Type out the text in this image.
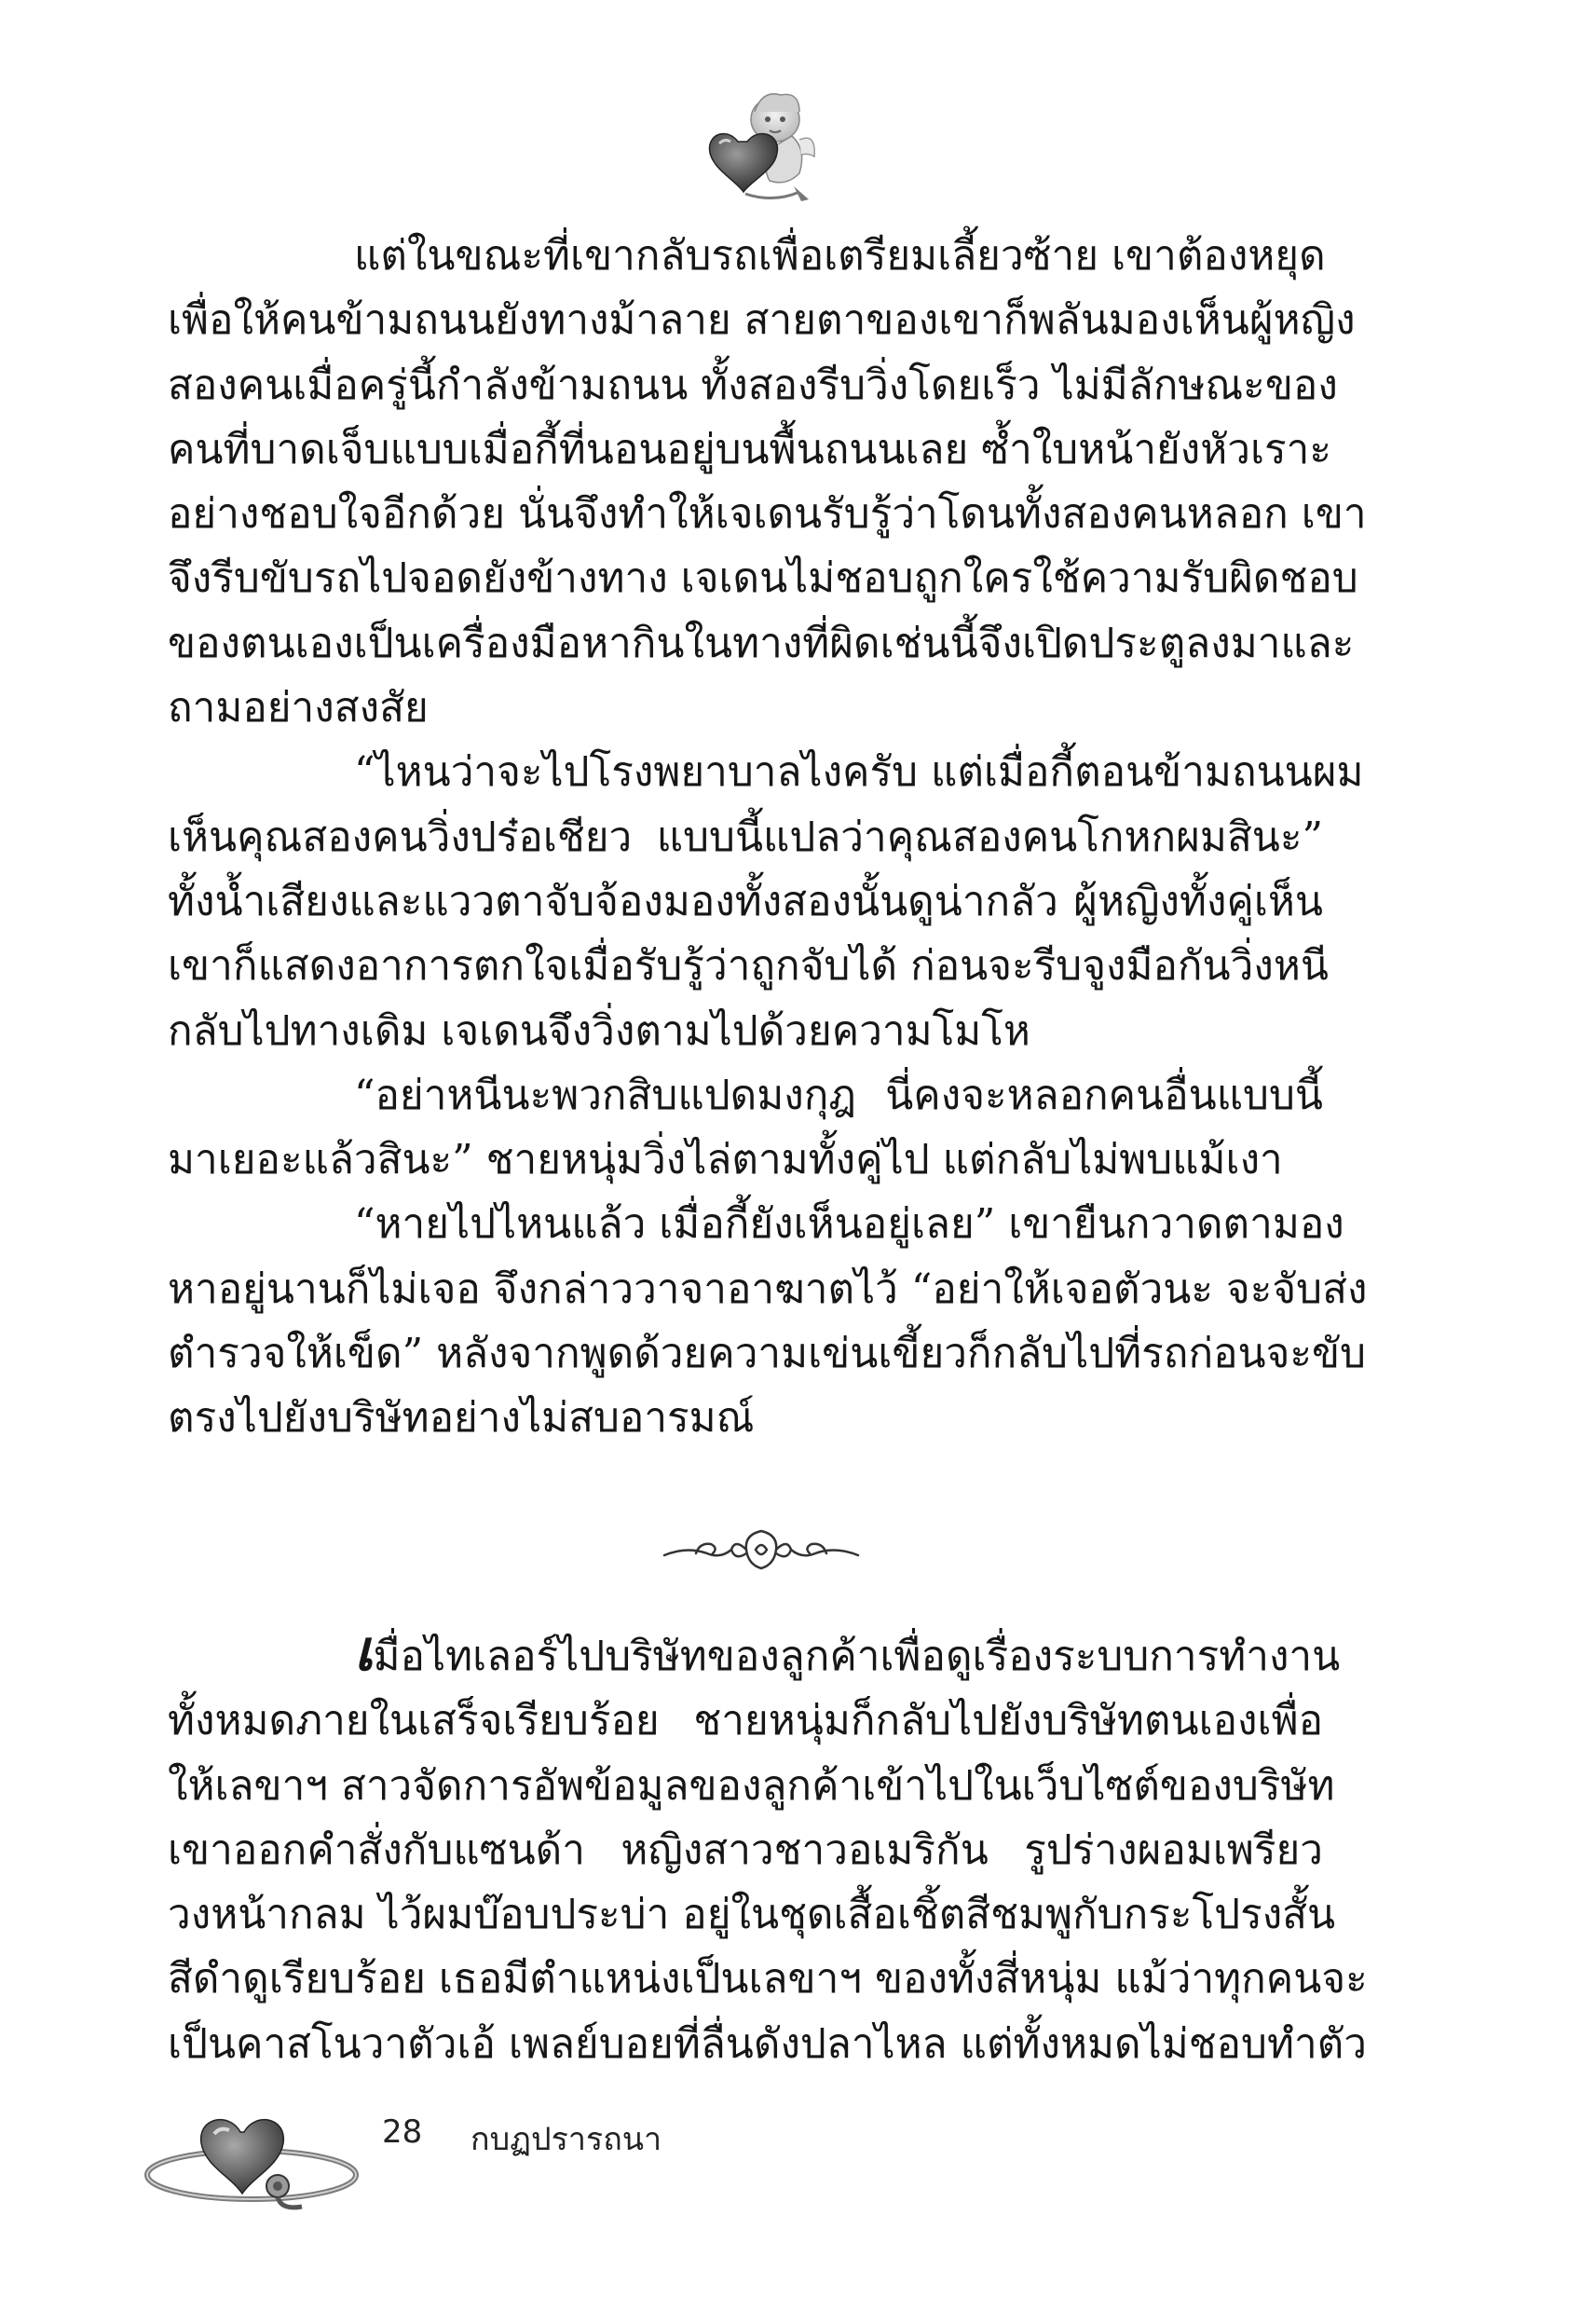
แต่ในขณะที่เขากลับรถเพื่อเตรียมเลี้ยวซ้าย เขาต้องหยุด
เพื่อให้คนข้ามถนนยังทางม้าลาย สายตาของเขาก็พลันมองเห็นผู้หญิง
สองคนเมื่อครู่นี้กำลังข้ามถนน ทั้งสองรีบวิ่งโดยเร็ว ไม่มีลักษณะของ
คนที่บาดเจ็บแบบเมื่อกี้ที่นอนอยู่บนพื้นถนนเลย ซ้ำใบหน้ายังหัวเราะ
อย่างชอบใจอีกด้วย นั่นจึงทำให้เจเดนรับรู้ว่าโดนทั้งสองคนหลอก เขา
จึงรีบขับรถไปจอดยังข้างทาง เจเดนไม่ชอบถูกใครใช้ความรับผิดชอบ
ของตนเองเป็นเครื่องมือหากินในทางที่ผิดเช่นนี้จึงเปิดประตูลงมาและ
ถามอย่างสงสัย
“ไหนว่าจะไปโรงพยาบาลไงครับ แต่เมื่อกี้ตอนข้ามถนนผม
เห็นคุณสองคนวิ่งปร๋อเชียว แบบนี้แปลว่าคุณสองคนโกหกผมสินะ”
ทั้งน้ำเสียงและแววตาจับจ้องมองทั้งสองนั้นดูน่ากลัว ผู้หญิงทั้งคู่เห็น
เขาก็แสดงอาการตกใจเมื่อรับรู้ว่าถูกจับได้ ก่อนจะรีบจูงมือกันวิ่งหนี
กลับไปทางเดิม เจเดนจึงวิ่งตามไปด้วยความโมโห
“อย่าหนีนะพวกสิบแปดมงกุฎ นี่คงจะหลอกคนอื่นแบบนี้
มาเยอะแล้วสินะ” ชายหนุ่มวิ่งไล่ตามทั้งคู่ไป แต่กลับไม่พบแม้เงา
“หายไปไหนแล้ว เมื่อกี้ยังเห็นอยู่เลย” เขายืนกวาดตามอง
หาอยู่นานก็ไม่เจอ จึงกล่าววาจาอาฆาตไว้ “อย่าให้เจอตัวนะ จะจับส่ง
ตำรวจให้เข็ด” หลังจากพูดด้วยความเข่นเขี้ยวก็กลับไปที่รถก่อนจะขับ
ตรงไปยังบริษัทอย่างไม่สบอารมณ์

เมื่อไทเลอร์ไปบริษัทของลูกค้าเพื่อดูเรื่องระบบการทำงาน
ทั้งหมดภายในเสร็จเรียบร้อย ชายหนุ่มก็กลับไปยังบริษัทตนเองเพื่อ
ให้เลขาฯ สาวจัดการอัพข้อมูลของลูกค้าเข้าไปในเว็บไซต์ของบริษัท
เขาออกคำสั่งกับแซนด้า หญิงสาวชาวอเมริกัน รูปร่างผอมเพรียว
วงหน้ากลม ไว้ผมบ๊อบประบ่า อยู่ในชุดเสื้อเชิ้ตสีชมพูกับกระโปรงสั้น
สีดำดูเรียบร้อย เธอมีตำแหน่งเป็นเลขาฯ ของทั้งสี่หนุ่ม แม้ว่าทุกคนจะ
เป็นคาสโนวาตัวเอ้ เพลย์บอยที่ลื่นดังปลาไหล แต่ทั้งหมดไม่ชอบทำตัว

28 กบฏปรารถนา
